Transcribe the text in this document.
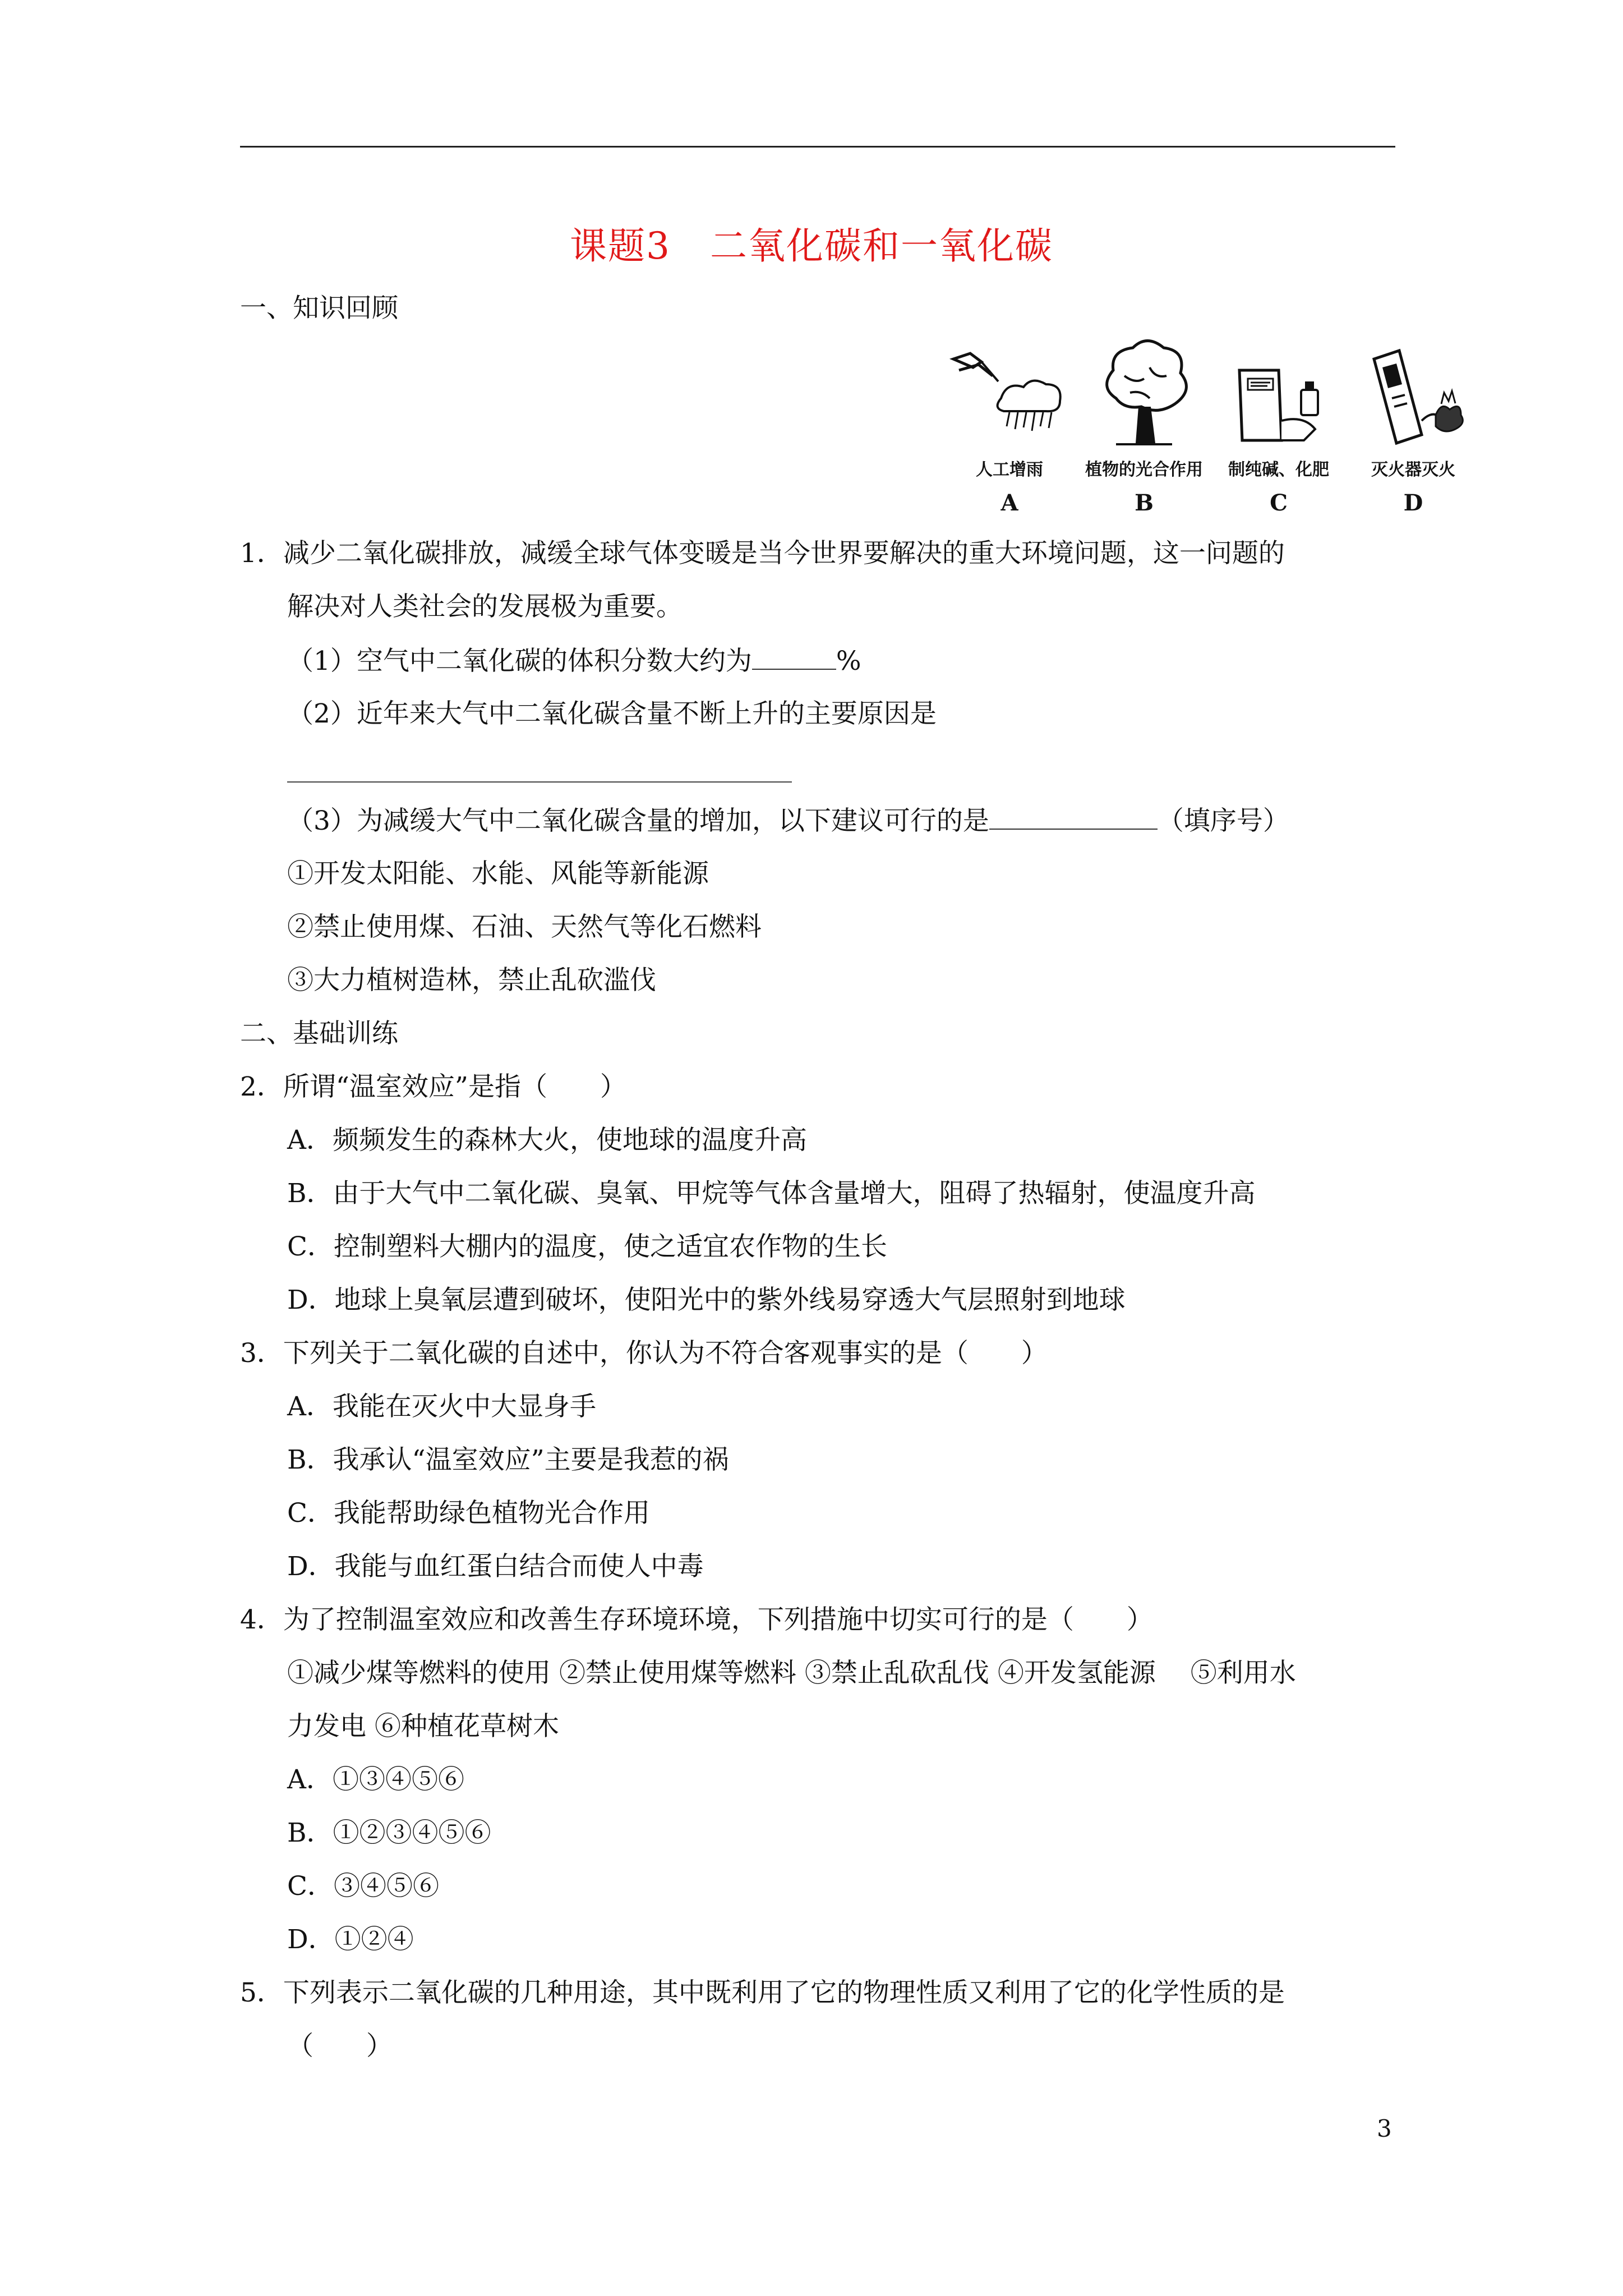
课题3 二氧化碳和一氧化碳
一、知识回顾
人工增雨
A
植物的光合作用
B
制纯碱、化肥
C
灭火器灭火
D
1．减少二氧化碳排放，减缓全球气体变暖是当今世界要解决的重大环境问题，这一问题的
解决对人类社会的发展极为重要。
（1）空气中二氧化碳的体积分数大约为	%
（2）近年来大气中二氧化碳含量不断上升的主要原因是
（3）为减缓大气中二氧化碳含量的增加，以下建议可行的是	（填序号）
①开发太阳能、水能、风能等新能源
②禁止使用煤、石油、天然气等化石燃料
③大力植树造林，禁止乱砍滥伐
二、基础训练
2．所谓“温室效应”是指（　　）
A．频频发生的森林大火，使地球的温度升高
B．由于大气中二氧化碳、臭氧、甲烷等气体含量增大，阻碍了热辐射，使温度升高
C．控制塑料大棚内的温度，使之适宜农作物的生长
D．地球上臭氧层遭到破坏，使阳光中的紫外线易穿透大气层照射到地球
3．下列关于二氧化碳的自述中，你认为不符合客观事实的是（　　）
A．我能在灭火中大显身手
B．我承认“温室效应”主要是我惹的祸
C．我能帮助绿色植物光合作用
D．我能与血红蛋白结合而使人中毒
4．为了控制温室效应和改善生存环境环境，下列措施中切实可行的是（　　）
①减少煤等燃料的使用 ②禁止使用煤等燃料 ③禁止乱砍乱伐 ④开发氢能源　 ⑤利用水
力发电 ⑥种植花草树木
A．①③④⑤⑥
B．①②③④⑤⑥
C．③④⑤⑥
D．①②④
5．下列表示二氧化碳的几种用途，其中既利用了它的物理性质又利用了它的化学性质的是
（　　）
3
